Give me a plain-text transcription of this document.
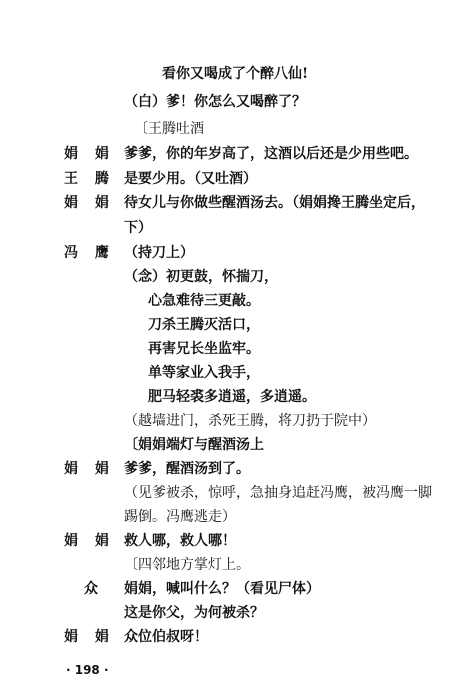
看你又喝成了个醉八仙!
（白）爹！你怎么又喝醉了？
〔王腾吐酒
娟 娟 爹爹，你的年岁高了，这酒以后还是少用些吧。
王 腾 是要少用。（又吐酒）
娟 娟 待女儿与你做些醒酒汤去。（娟娟搀王腾坐定后，
下）
冯 鹰 （持刀上）
（念）初更鼓，怀揣刀，
心急难待三更敲。
刀杀王腾灭活口，
再害兄长坐监牢。
单等家业入我手，
肥马轻裘多逍遥，多逍遥。
（越墙进门，杀死王腾，将刀扔于院中）
〔娟娟端灯与醒酒汤上
娟 娟 爹爹，醒酒汤到了。
（见爹被杀，惊呼，急抽身追赶冯鹰，被冯鹰一脚
踢倒。冯鹰逃走）
娟 娟 救人哪，救人哪！
〔四邻地方掌灯上。
众 娟娟，喊叫什么？（看见尸体）
这是你父，为何被杀？
娟 娟 众位伯叔呀！
· 198 ·
